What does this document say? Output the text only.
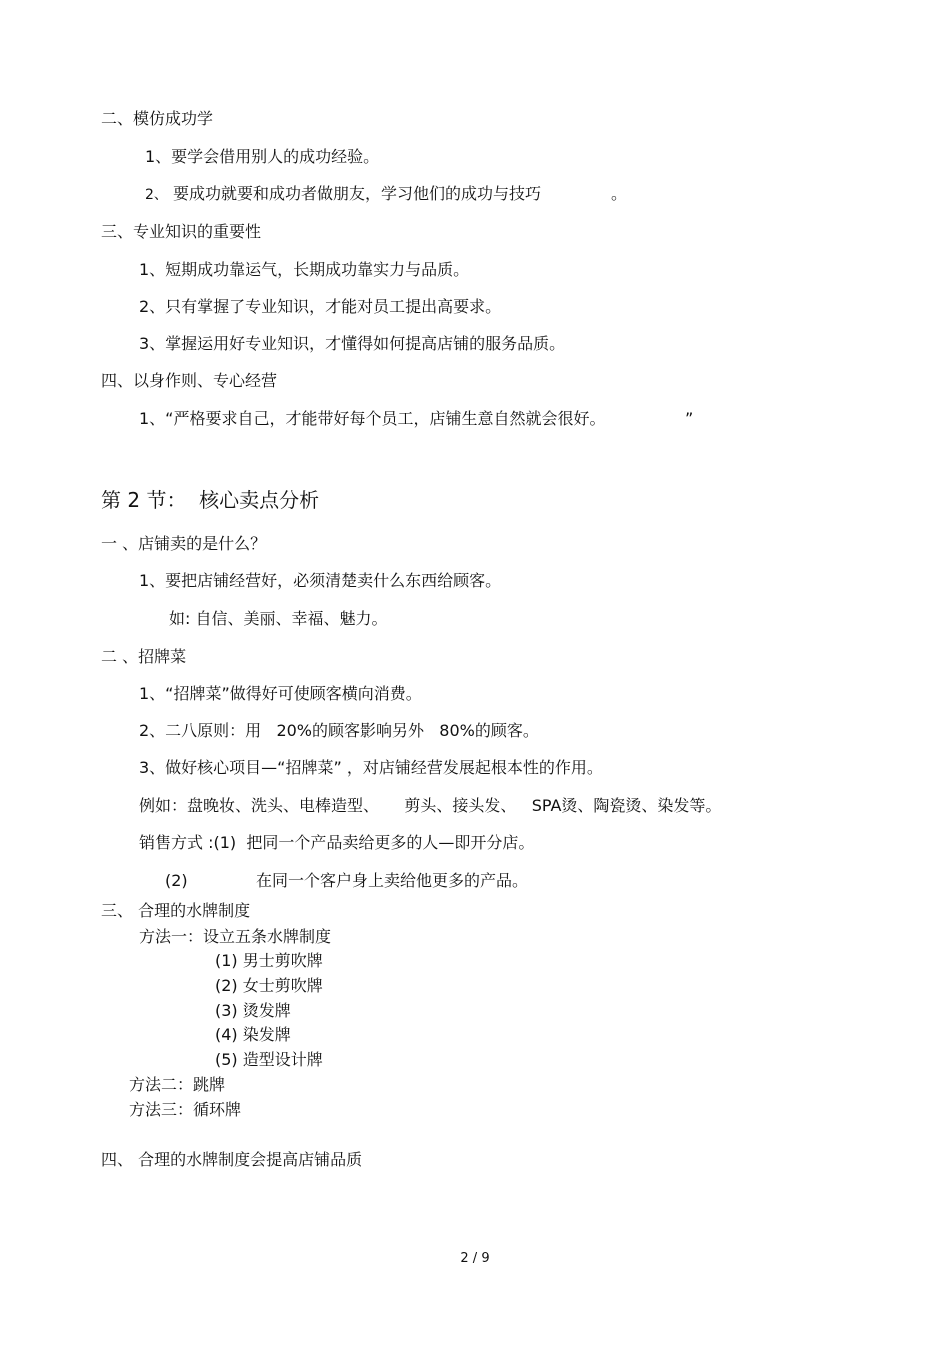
二、模仿成功学
1、要学会借用别人的成功经验。
2、 要成功就要和成功者做朋友，学习他们的成功与技巧	。
三、专业知识的重要性
1、短期成功靠运气，长期成功靠实力与品质。
2、只有掌握了专业知识，才能对员工提出高要求。
3、掌握运用好专业知识，才懂得如何提高店铺的服务品质。
四、以身作则、专心经营
1、“严格要求自己，才能带好每个员工，店铺生意自然就会很好。	”
第 2 节：  核心卖点分析
一 、店铺卖的是什么？
1、要把店铺经营好，必须清楚卖什么东西给顾客。
如: 自信、美丽、幸福、魅力。
二 、招牌菜
1、“招牌菜”做得好可使顾客横向消费。
2、二八原则：用   20%的顾客影响另外   80%的顾客。
3、做好核心项目—“招牌菜” ，对店铺经营发展起根本性的作用。
例如：盘晚妆、洗头、电棒造型、     剪头、接头发、   SPA烫、陶瓷烫、染发等。
销售方式 :(1)  把同一个产品卖给更多的人—即开分店。
(2)	在同一个客户身上卖给他更多的产品。
三、 合理的水牌制度
方法一：设立五条水牌制度
(1) 男士剪吹牌
(2) 女士剪吹牌
(3) 烫发牌
(4) 染发牌
(5) 造型设计牌
方法二：跳牌
方法三：循环牌
四、 合理的水牌制度会提高店铺品质
2 / 9
